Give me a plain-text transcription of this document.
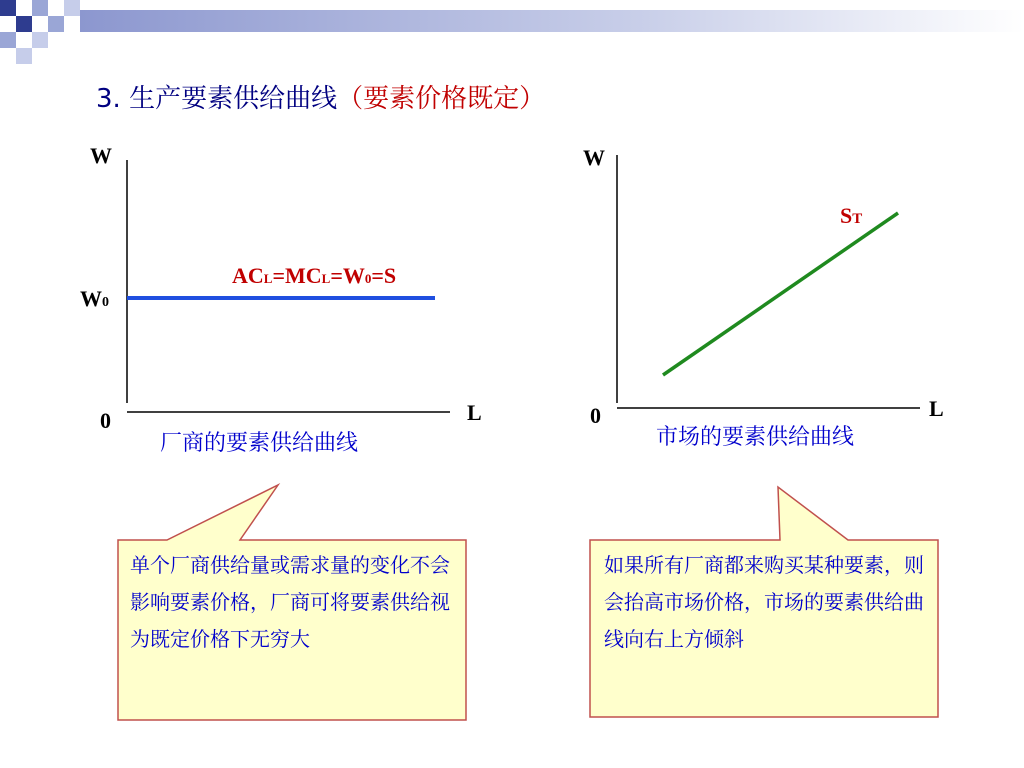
3. 生产要素供给曲线（要素价格既定）
W
W0
0	L
ACL=MCL=W0=S
厂商的要素供给曲线
W
0	L
ST
市场的要素供给曲线
单个厂商供给量或需求量的变化不会影响要素价格，厂商可将要素供给视为既定价格下无穷大
如果所有厂商都来购买某种要素，则会抬高市场价格，市场的要素供给曲线向右上方倾斜
